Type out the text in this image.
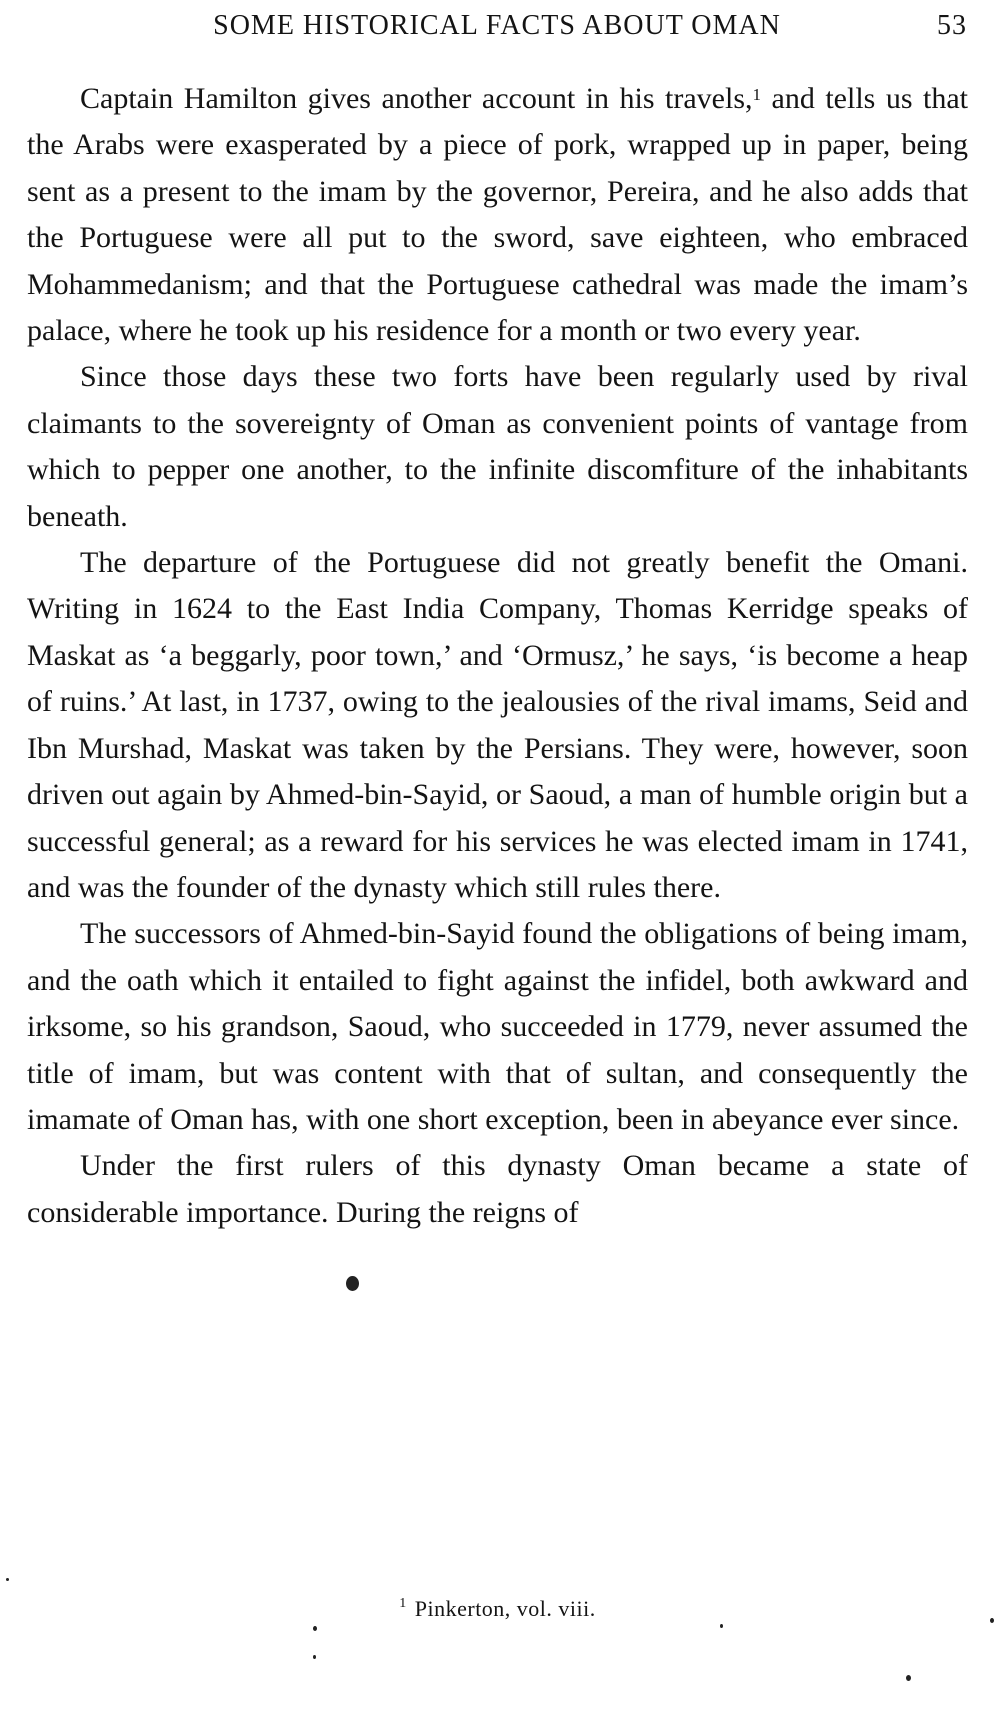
SOME HISTORICAL FACTS ABOUT OMAN	53

Captain Hamilton gives another account in his travels,$^1$ and tells us that the Arabs were exasperated by a piece of pork, wrapped up in paper, being sent as a present to the imam by the governor, Pereira, and he also adds that the Portuguese were all put to the sword, save eighteen, who embraced Mohammedanism; and that the Portuguese cathedral was made the imam’s palace, where he took up his residence for a month or two every year.

Since those days these two forts have been regularly used by rival claimants to the sovereignty of Oman as convenient points of vantage from which to pepper one another, to the infinite discomfiture of the inhabitants beneath.

The departure of the Portuguese did not greatly benefit the Omani. Writing in 1624 to the East India Company, Thomas Kerridge speaks of Maskat as ‘a beggarly, poor town,’ and ‘Ormusz,’ he says, ‘is become a heap of ruins.’ At last, in 1737, owing to the jealousies of the rival imams, Seid and Ibn Murshad, Maskat was taken by the Persians. They were, however, soon driven out again by Ahmed-bin-Sayid, or Saoud, a man of humble origin but a successful general; as a reward for his services he was elected imam in 1741, and was the founder of the dynasty which still rules there.

The successors of Ahmed-bin-Sayid found the obligations of being imam, and the oath which it entailed to fight against the infidel, both awkward and irksome, so his grandson, Saoud, who succeeded in 1779, never assumed the title of imam, but was content with that of sultan, and consequently the imamate of Oman has, with one short exception, been in abeyance ever since.

Under the first rulers of this dynasty Oman became a state of considerable importance. During the reigns of

$^1$ Pinkerton, vol. viii.
